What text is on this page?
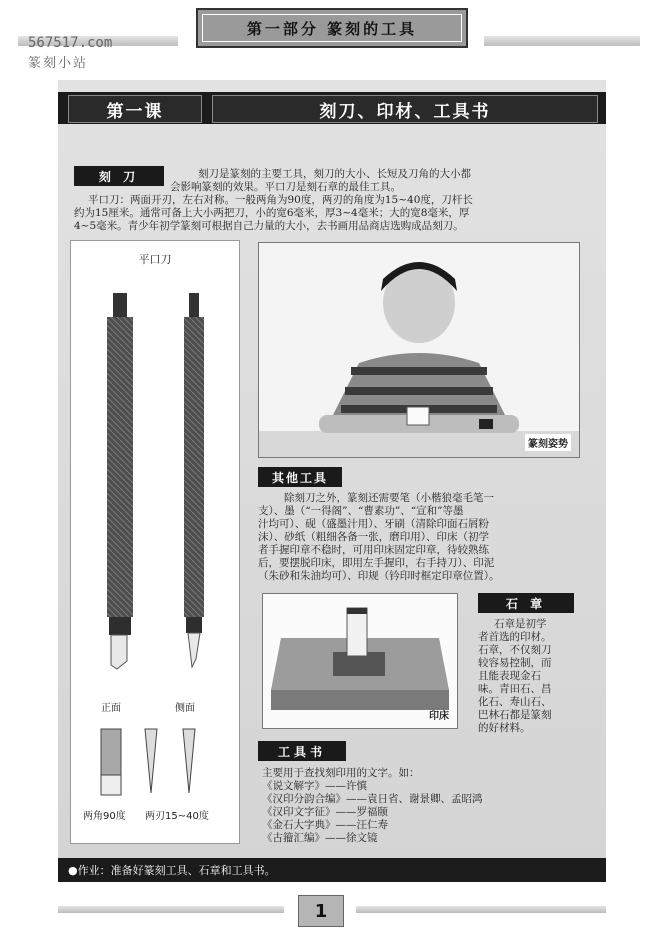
第一部分 篆刻的工具
567517.com
篆刻小站
第一课	刻刀、印材、工具书
刻 刀	刻刀是篆刻的主要工具，刻刀的大小、长短及刀角的大小都
会影响篆刻的效果。平口刀是刻石章的最佳工具。
平口刀：两面开刃，左右对称。一般两角为90度，两刃的角度为15~40度，刀杆长
约为15厘米。通常可备上大小两把刀，小的宽6毫米，厚3~4毫米；大的宽8毫米，厚
4~5毫米。青少年初学篆刻可根据自己力量的大小，去书画用品商店选购成品刻刀。
平口刀
正面	侧面
两角90度 两刃15~40度
篆刻姿势
其他工具
除刻刀之外，篆刻还需要笔（小楷狼毫毛笔一
支）、墨（“一得阁”、“曹素功”、“宣和”等墨
汁均可）、砚（盛墨汁用）、牙刷（清除印面石屑粉
沫）、砂纸（粗细各备一张，磨印用）、印床（初学
者手握印章不稳时，可用印床固定印章，待较熟练
后，要摆脱印床，即用左手握印，右手持刀）、印泥
（朱砂和朱油均可）、印规（钤印时框定印章位置）。
印床
石 章
石章是初学
者首选的印材。
石章，不仅刻刀
较容易控制，而
且能表现金石
味。青田石、昌
化石、寿山石、
巴林石都是篆刻
的好材料。
工具书
主要用于查找刻印用的文字。如：
《说文解字》——许慎
《汉印分韵合编》——袁日省、谢景卿、孟昭鸿
《汉印文字征》——罗福颐
《金石大字典》——汪仁寿
《古籀汇编》——徐文镜
●作业：准备好篆刻工具、石章和工具书。
1
